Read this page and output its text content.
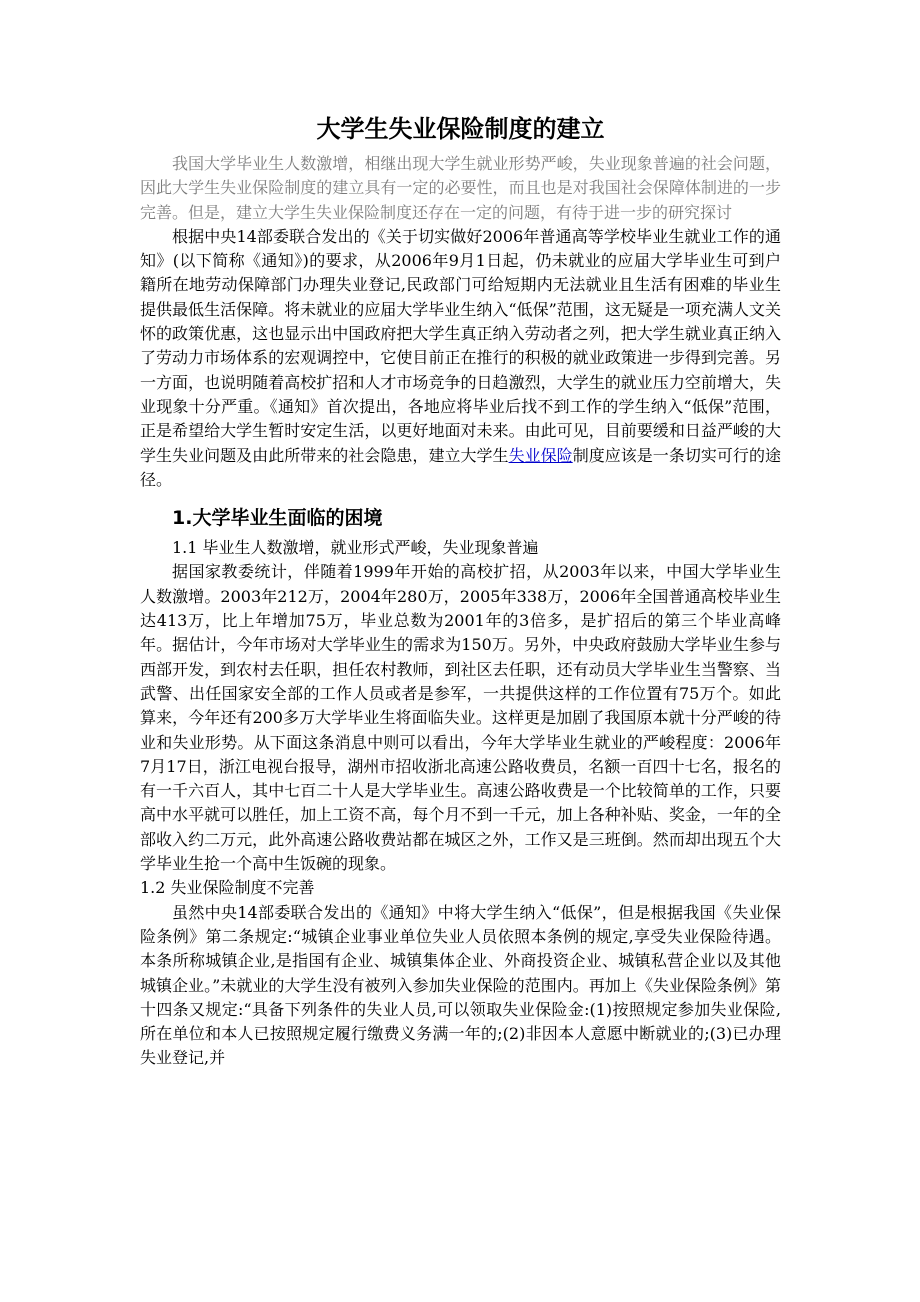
大学生失业保险制度的建立

我国大学毕业生人数激增，相继出现大学生就业形势严峻，失业现象普遍的社会问题，因此大学生失业保险制度的建立具有一定的必要性，而且也是对我国社会保障体制进的一步完善。但是，建立大学生失业保险制度还存在一定的问题，有待于进一步的研究探讨

根据中央14部委联合发出的《关于切实做好2006年普通高等学校毕业生就业工作的通知》(以下简称《通知》)的要求，从2006年9月1日起，仍未就业的应届大学毕业生可到户籍所在地劳动保障部门办理失业登记,民政部门可给短期内无法就业且生活有困难的毕业生提供最低生活保障。将未就业的应届大学毕业生纳入“低保”范围，这无疑是一项充满人文关怀的政策优惠，这也显示出中国政府把大学生真正纳入劳动者之列，把大学生就业真正纳入了劳动力市场体系的宏观调控中，它使目前正在推行的积极的就业政策进一步得到完善。另一方面，也说明随着高校扩招和人才市场竞争的日趋激烈，大学生的就业压力空前增大，失业现象十分严重。《通知》首次提出，各地应将毕业后找不到工作的学生纳入“低保”范围，正是希望给大学生暂时安定生活，以更好地面对未来。由此可见，目前要缓和日益严峻的大学生失业问题及由此所带来的社会隐患，建立大学生失业保险制度应该是一条切实可行的途径。

1.大学毕业生面临的困境

1.1 毕业生人数激增，就业形式严峻，失业现象普遍

据国家教委统计，伴随着1999年开始的高校扩招，从2003年以来，中国大学毕业生人数激增。2003年212万，2004年280万，2005年338万，2006年全国普通高校毕业生达413万，比上年增加75万，毕业总数为2001年的3倍多，是扩招后的第三个毕业高峰年。据估计，今年市场对大学毕业生的需求为150万。另外，中央政府鼓励大学毕业生参与西部开发，到农村去任职，担任农村教师，到社区去任职，还有动员大学毕业生当警察、当武警、出任国家安全部的工作人员或者是参军，一共提供这样的工作位置有75万个。如此算来，今年还有200多万大学毕业生将面临失业。这样更是加剧了我国原本就十分严峻的待业和失业形势。从下面这条消息中则可以看出，今年大学毕业生就业的严峻程度：2006年7月17日，浙江电视台报导，湖州市招收浙北高速公路收费员，名额一百四十七名，报名的有一千六百人，其中七百二十人是大学毕业生。高速公路收费是一个比较简单的工作，只要高中水平就可以胜任，加上工资不高，每个月不到一千元，加上各种补贴、奖金，一年的全部收入约二万元，此外高速公路收费站都在城区之外，工作又是三班倒。然而却出现五个大学毕业生抢一个高中生饭碗的现象。

1.2 失业保险制度不完善

虽然中央14部委联合发出的《通知》中将大学生纳入“低保”，但是根据我国《失业保险条例》第二条规定:“城镇企业事业单位失业人员依照本条例的规定,享受失业保险待遇。本条所称城镇企业,是指国有企业、城镇集体企业、外商投资企业、城镇私营企业以及其他城镇企业。”未就业的大学生没有被列入参加失业保险的范围内。再加上《失业保险条例》第十四条又规定:“具备下列条件的失业人员,可以领取失业保险金:(1)按照规定参加失业保险,所在单位和本人已按照规定履行缴费义务满一年的;(2)非因本人意愿中断就业的;(3)已办理失业登记,并
